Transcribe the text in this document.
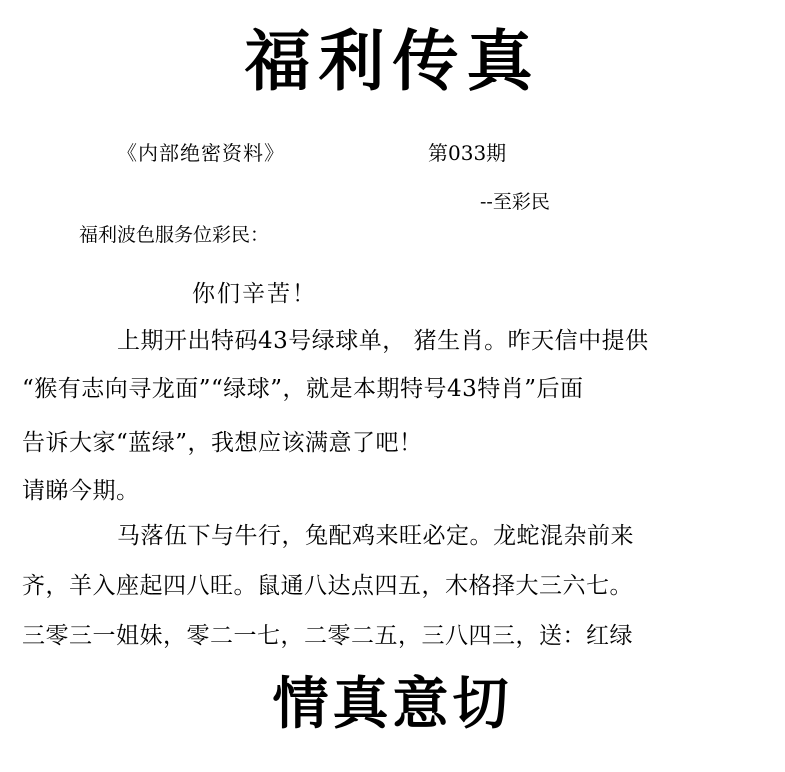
福利传真
《内部绝密资料》	第033期
--至彩民
福利波色服务位彩民：
你们辛苦！
上期开出特码43号绿球单， 猪生肖。昨天信中提供
“猴有志向寻龙面”“绿球”，就是本期特号43特肖”后面
告诉大家“蓝绿”，我想应该满意了吧！
请睇今期。
马落伍下与牛行，兔配鸡来旺必定。龙蛇混杂前来
齐，羊入座起四八旺。鼠通八达点四五，木格择大三六七。
三零三一姐妹，零二一七，二零二五，三八四三，送：红绿
情真意切
